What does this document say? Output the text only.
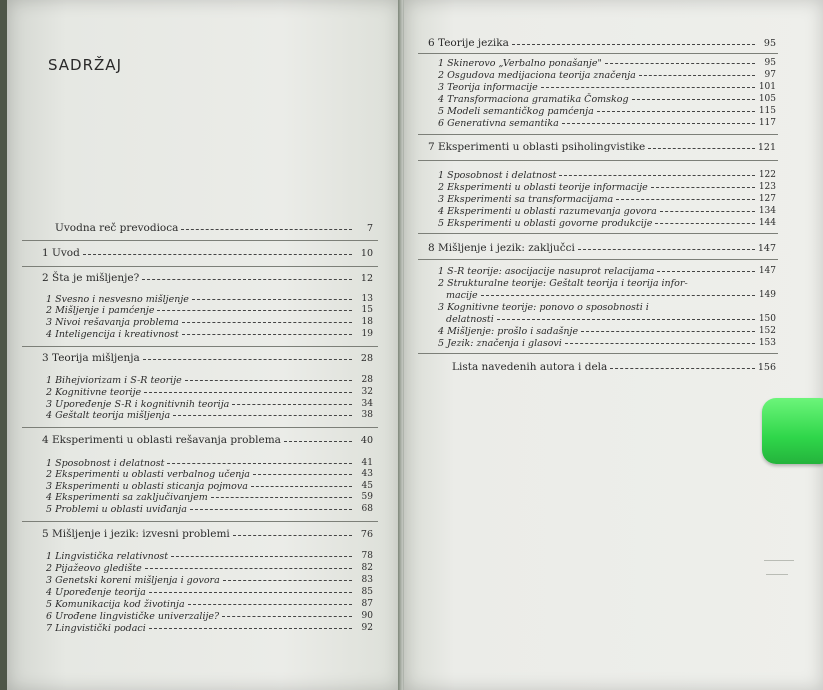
SADRŽAJ
Uvodna reč prevodioca	7
1 Uvod	10
2 Šta je mišljenje?	12
1 Svesno i nesvesno mišljenje	13
2 Mišljenje i pamćenje	15
3 Nivoi rešavanja problema	18
4 Inteligencija i kreativnost	19
3 Teorija mišljenja	28
1 Bihejviorizam i S-R teorije	28
2 Kognitivne teorije	32
3 Upoređenje S-R i kognitivnih teorija	34
4 Geštalt teorija mišljenja	38
4 Eksperimenti u oblasti rešavanja problema	40
1 Sposobnost i delatnost	41
2 Eksperimenti u oblasti verbalnog učenja	43
3 Eksperimenti u oblasti sticanja pojmova	45
4 Eksperimenti sa zaključivanjem	59
5 Problemi u oblasti uviđanja	68
5 Mišljenje i jezik: izvesni problemi	76
1 Lingvistička relativnost	78
2 Pijažeovo gledište	82
3 Genetski koreni mišljenja i govora	83
4 Upoređenje teorija	85
5 Komunikacija kod životinja	87
6 Urođene lingvističke univerzalije?	90
7 Lingvistički podaci	92
6 Teorije jezika	95
1 Skinerovo „Verbalno ponašanje"	95
2 Osgudova medijaciona teorija značenja	97
3 Teorija informacije	101
4 Transformaciona gramatika Čomskog	105
5 Modeli semantičkog pamćenja	115
6 Generativna semantika	117
7 Eksperimenti u oblasti psiholingvistike	121
1 Sposobnost i delatnost	122
2 Eksperimenti u oblasti teorije informacije	123
3 Eksperimenti sa transformacijama	127
4 Eksperimenti u oblasti razumevanja govora	134
5 Eksperimenti u oblasti govorne produkcije	144
8 Mišljenje i jezik: zaključci	147
1 S-R teorije: asocijacije nasuprot relacijama	147
2 Strukturalne teorije: Geštalt teorija i teorija infor-
macije	149
3 Kognitivne teorije: ponovo o sposobnosti i
delatnosti	150
4 Mišljenje: prošlo i sadašnje	152
5 Jezik: značenja i glasovi	153
Lista navedenih autora i dela	156
